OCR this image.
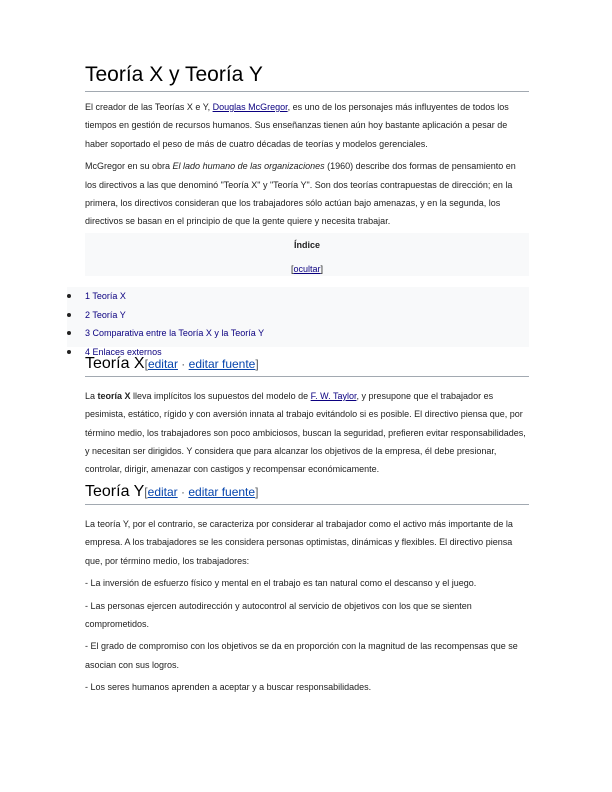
Teoría X y Teoría Y

El creador de las Teorías X e Y, Douglas McGregor, es uno de los personajes más influyentes de todos los tiempos en gestión de recursos humanos. Sus enseñanzas tienen aún hoy bastante aplicación a pesar de haber soportado el peso de más de cuatro décadas de teorías y modelos gerenciales.

McGregor en su obra El lado humano de las organizaciones (1960) describe dos formas de pensamiento en los directivos a las que denominó "Teoría X" y "Teoría Y". Son dos teorías contrapuestas de dirección; en la primera, los directivos consideran que los trabajadores sólo actúan bajo amenazas, y en la segunda, los directivos se basan en el principio de que la gente quiere y necesita trabajar.

Índice
[ocultar]
1 Teoría X
2 Teoría Y
3 Comparativa entre la Teoría X y la Teoría Y
4 Enlaces externos
Teoría X[editar · editar fuente]

La teoría X lleva implícitos los supuestos del modelo de F. W. Taylor, y presupone que el trabajador es pesimista, estático, rígido y con aversión innata al trabajo evitándolo si es posible. El directivo piensa que, por término medio, los trabajadores son poco ambiciosos, buscan la seguridad, prefieren evitar responsabilidades, y necesitan ser dirigidos. Y considera que para alcanzar los objetivos de la empresa, él debe presionar, controlar, dirigir, amenazar con castigos y recompensar económicamente.

Teoría Y[editar · editar fuente]

La teoría Y, por el contrario, se caracteriza por considerar al trabajador como el activo más importante de la empresa. A los trabajadores se les considera personas optimistas, dinámicas y flexibles. El directivo piensa que, por término medio, los trabajadores:

- La inversión de esfuerzo físico y mental en el trabajo es tan natural como el descanso y el juego.

- Las personas ejercen autodirección y autocontrol al servicio de objetivos con los que se sienten comprometidos.

- El grado de compromiso con los objetivos se da en proporción con la magnitud de las recompensas que se asocian con sus logros.

- Los seres humanos aprenden a aceptar y a buscar responsabilidades.
